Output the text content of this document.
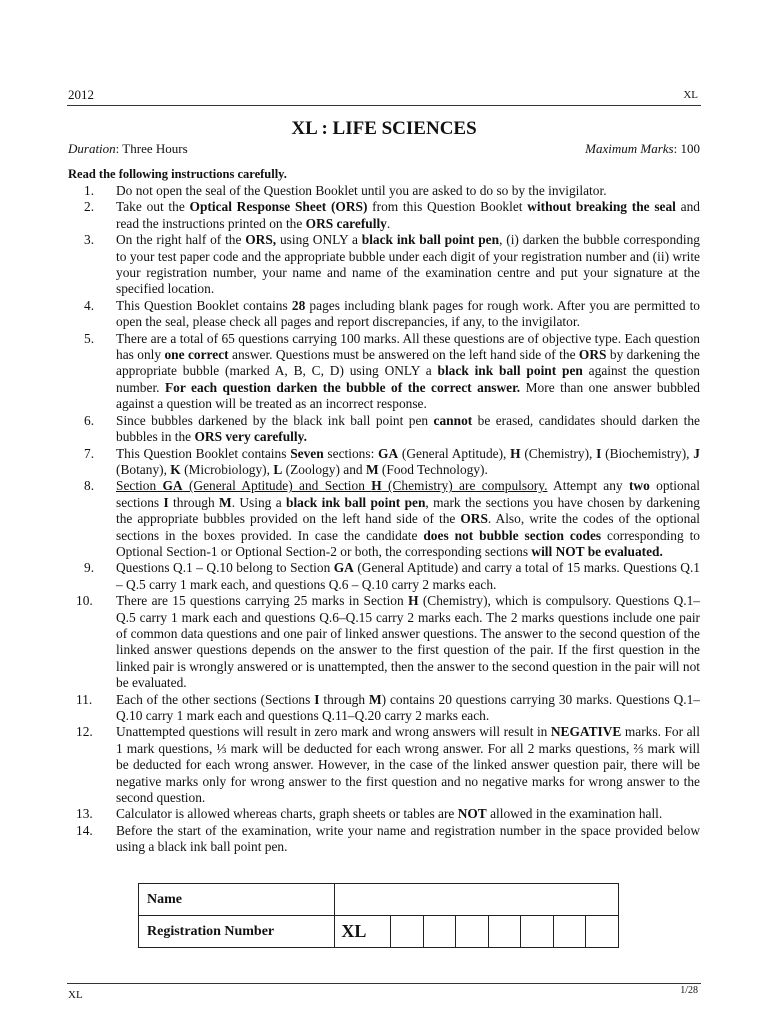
2012	XL
XL : LIFE SCIENCES
Duration: Three Hours	Maximum Marks: 100
Read the following instructions carefully.
1.	Do not open the seal of the Question Booklet until you are asked to do so by the invigilator.
2.	Take out the Optical Response Sheet (ORS) from this Question Booklet without breaking the seal and read the instructions printed on the ORS carefully.
3.	On the right half of the ORS, using ONLY a black ink ball point pen, (i) darken the bubble corresponding to your test paper code and the appropriate bubble under each digit of your registration number and (ii) write your registration number, your name and name of the examination centre and put your signature at the specified location.
4.	This Question Booklet contains 28 pages including blank pages for rough work. After you are permitted to open the seal, please check all pages and report discrepancies, if any, to the invigilator.
5.	There are a total of 65 questions carrying 100 marks. All these questions are of objective type. Each question has only one correct answer. Questions must be answered on the left hand side of the ORS by darkening the appropriate bubble (marked A, B, C, D) using ONLY a black ink ball point pen against the question number. For each question darken the bubble of the correct answer. More than one answer bubbled against a question will be treated as an incorrect response.
6.	Since bubbles darkened by the black ink ball point pen cannot be erased, candidates should darken the bubbles in the ORS very carefully.
7.	This Question Booklet contains Seven sections: GA (General Aptitude), H (Chemistry), I (Biochemistry), J (Botany), K (Microbiology), L (Zoology) and M (Food Technology).
8.	Section GA (General Aptitude) and Section H (Chemistry) are compulsory. Attempt any two optional sections I through M. Using a black ink ball point pen, mark the sections you have chosen by darkening the appropriate bubbles provided on the left hand side of the ORS. Also, write the codes of the optional sections in the boxes provided. In case the candidate does not bubble section codes corresponding to Optional Section-1 or Optional Section-2 or both, the corresponding sections will NOT be evaluated.
9.	Questions Q.1 – Q.10 belong to Section GA (General Aptitude) and carry a total of 15 marks. Questions Q.1 – Q.5 carry 1 mark each, and questions Q.6 – Q.10 carry 2 marks each.
10.	There are 15 questions carrying 25 marks in Section H (Chemistry), which is compulsory. Questions Q.1–Q.5 carry 1 mark each and questions Q.6–Q.15 carry 2 marks each. The 2 marks questions include one pair of common data questions and one pair of linked answer questions. The answer to the second question of the linked answer questions depends on the answer to the first question of the pair. If the first question in the linked pair is wrongly answered or is unattempted, then the answer to the second question in the pair will not be evaluated.
11.	Each of the other sections (Sections I through M) contains 20 questions carrying 30 marks. Questions Q.1–Q.10 carry 1 mark each and questions Q.11–Q.20 carry 2 marks each.
12.	Unattempted questions will result in zero mark and wrong answers will result in NEGATIVE marks. For all 1 mark questions, ⅓ mark will be deducted for each wrong answer. For all 2 marks questions, ⅔ mark will be deducted for each wrong answer. However, in the case of the linked answer question pair, there will be negative marks only for wrong answer to the first question and no negative marks for wrong answer to the second question.
13.	Calculator is allowed whereas charts, graph sheets or tables are NOT allowed in the examination hall.
14.	Before the start of the examination, write your name and registration number in the space provided below using a black ink ball point pen.
Name								
Registration Number	XL							
XL	1/28
